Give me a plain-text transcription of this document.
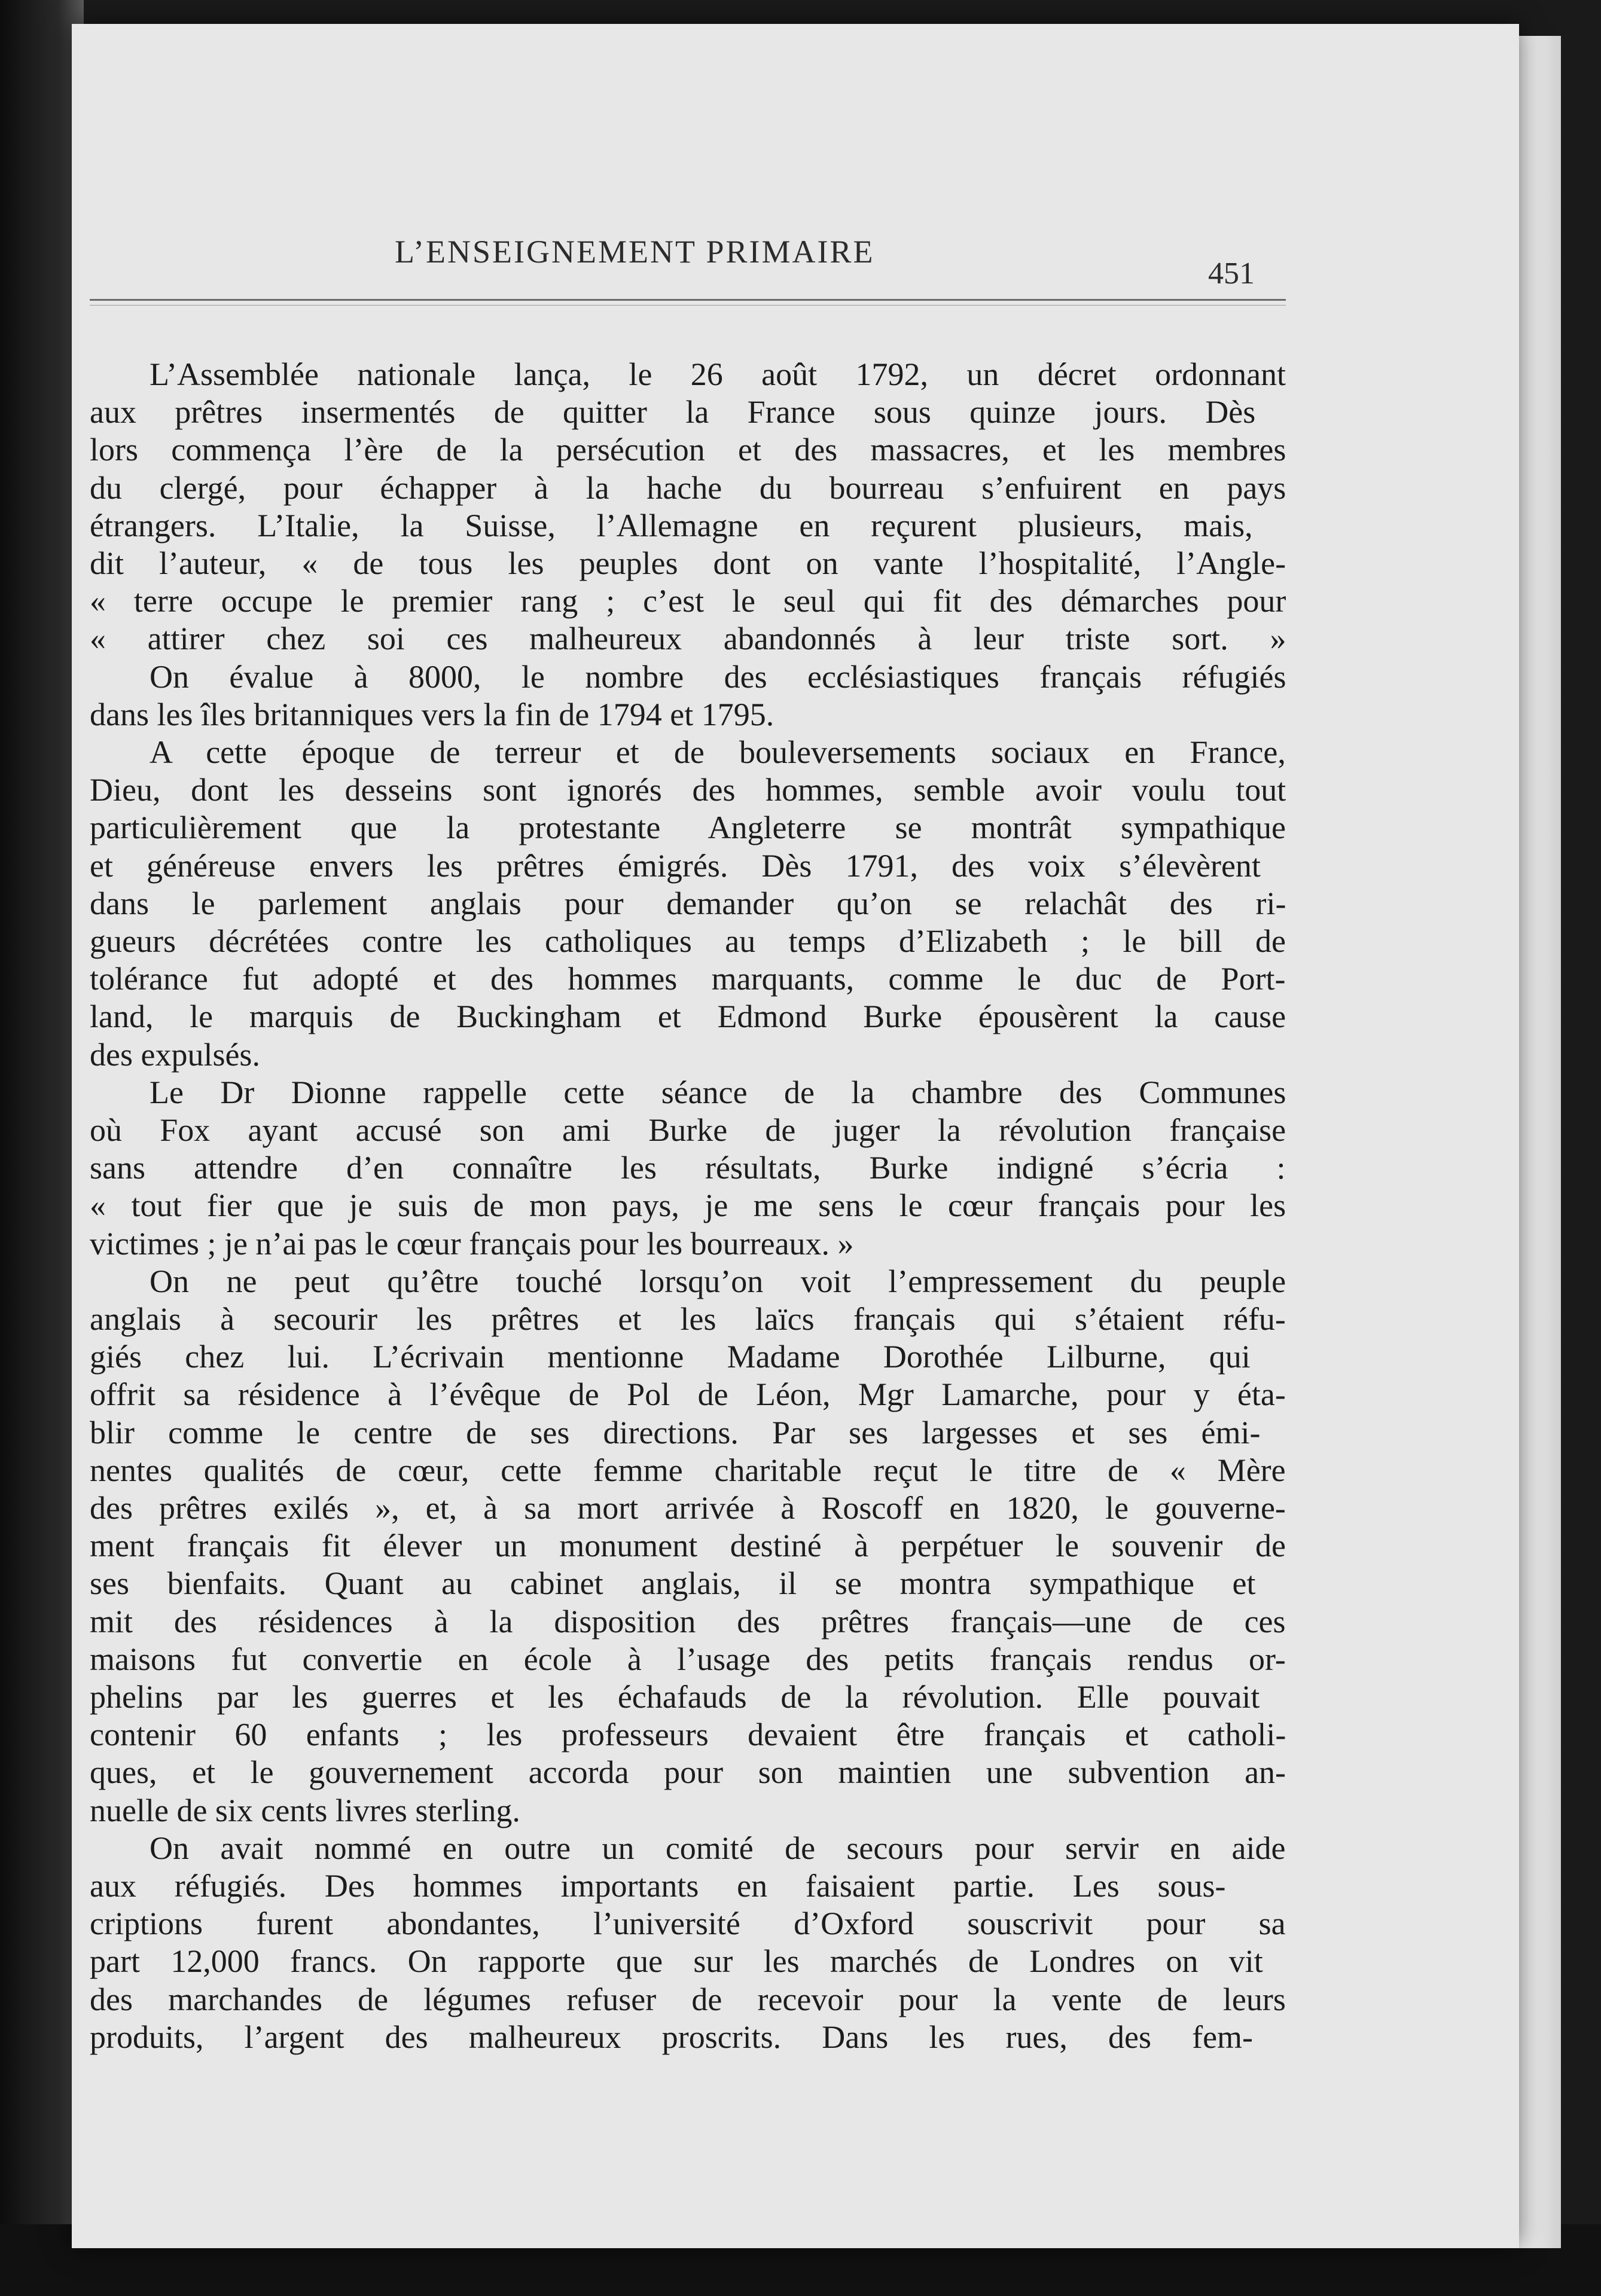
L’ENSEIGNEMENT PRIMAIRE
451
L’Assemblée nationale lança, le 26 août 1792, un décret ordonnant
aux prêtres insermentés de quitter la France sous quinze jours. Dès
lors commença l’ère de la persécution et des massacres, et les membres
du clergé, pour échapper à la hache du bourreau s’enfuirent en pays
étrangers. L’Italie, la Suisse, l’Allemagne en reçurent plusieurs, mais,
dit l’auteur, « de tous les peuples dont on vante l’hospitalité, l’Angle-
« terre occupe le premier rang ; c’est le seul qui fit des démarches pour
« attirer chez soi ces malheureux abandonnés à leur triste sort. »
On évalue à 8000, le nombre des ecclésiastiques français réfugiés
dans les îles britanniques vers la fin de 1794 et 1795.
A cette époque de terreur et de bouleversements sociaux en France,
Dieu, dont les desseins sont ignorés des hommes, semble avoir voulu tout
particulièrement que la protestante Angleterre se montrât sympathique
et généreuse envers les prêtres émigrés. Dès 1791, des voix s’élevèrent
dans le parlement anglais pour demander qu’on se relachât des ri-
gueurs décrétées contre les catholiques au temps d’Elizabeth ; le bill de
tolérance fut adopté et des hommes marquants, comme le duc de Port-
land, le marquis de Buckingham et Edmond Burke épousèrent la cause
des expulsés.
Le Dr Dionne rappelle cette séance de la chambre des Communes
où Fox ayant accusé son ami Burke de juger la révolution française
sans attendre d’en connaître les résultats, Burke indigné s’écria :
« tout fier que je suis de mon pays, je me sens le cœur français pour les
victimes ; je n’ai pas le cœur français pour les bourreaux. »
On ne peut qu’être touché lorsqu’on voit l’empressement du peuple
anglais à secourir les prêtres et les laïcs français qui s’étaient réfu-
giés chez lui. L’écrivain mentionne Madame Dorothée Lilburne, qui
offrit sa résidence à l’évêque de Pol de Léon, Mgr Lamarche, pour y éta-
blir comme le centre de ses directions. Par ses largesses et ses émi-
nentes qualités de cœur, cette femme charitable reçut le titre de « Mère
des prêtres exilés », et, à sa mort arrivée à Roscoff en 1820, le gouverne-
ment français fit élever un monument destiné à perpétuer le souvenir de
ses bienfaits. Quant au cabinet anglais, il se montra sympathique et
mit des résidences à la disposition des prêtres français—une de ces
maisons fut convertie en école à l’usage des petits français rendus or-
phelins par les guerres et les échafauds de la révolution. Elle pouvait
contenir 60 enfants ; les professeurs devaient être français et catholi-
ques, et le gouvernement accorda pour son maintien une subvention an-
nuelle de six cents livres sterling.
On avait nommé en outre un comité de secours pour servir en aide
aux réfugiés. Des hommes importants en faisaient partie. Les sous-
criptions furent abondantes, l’université d’Oxford souscrivit pour sa
part 12,000 francs. On rapporte que sur les marchés de Londres on vit
des marchandes de légumes refuser de recevoir pour la vente de leurs
produits, l’argent des malheureux proscrits. Dans les rues, des fem-
